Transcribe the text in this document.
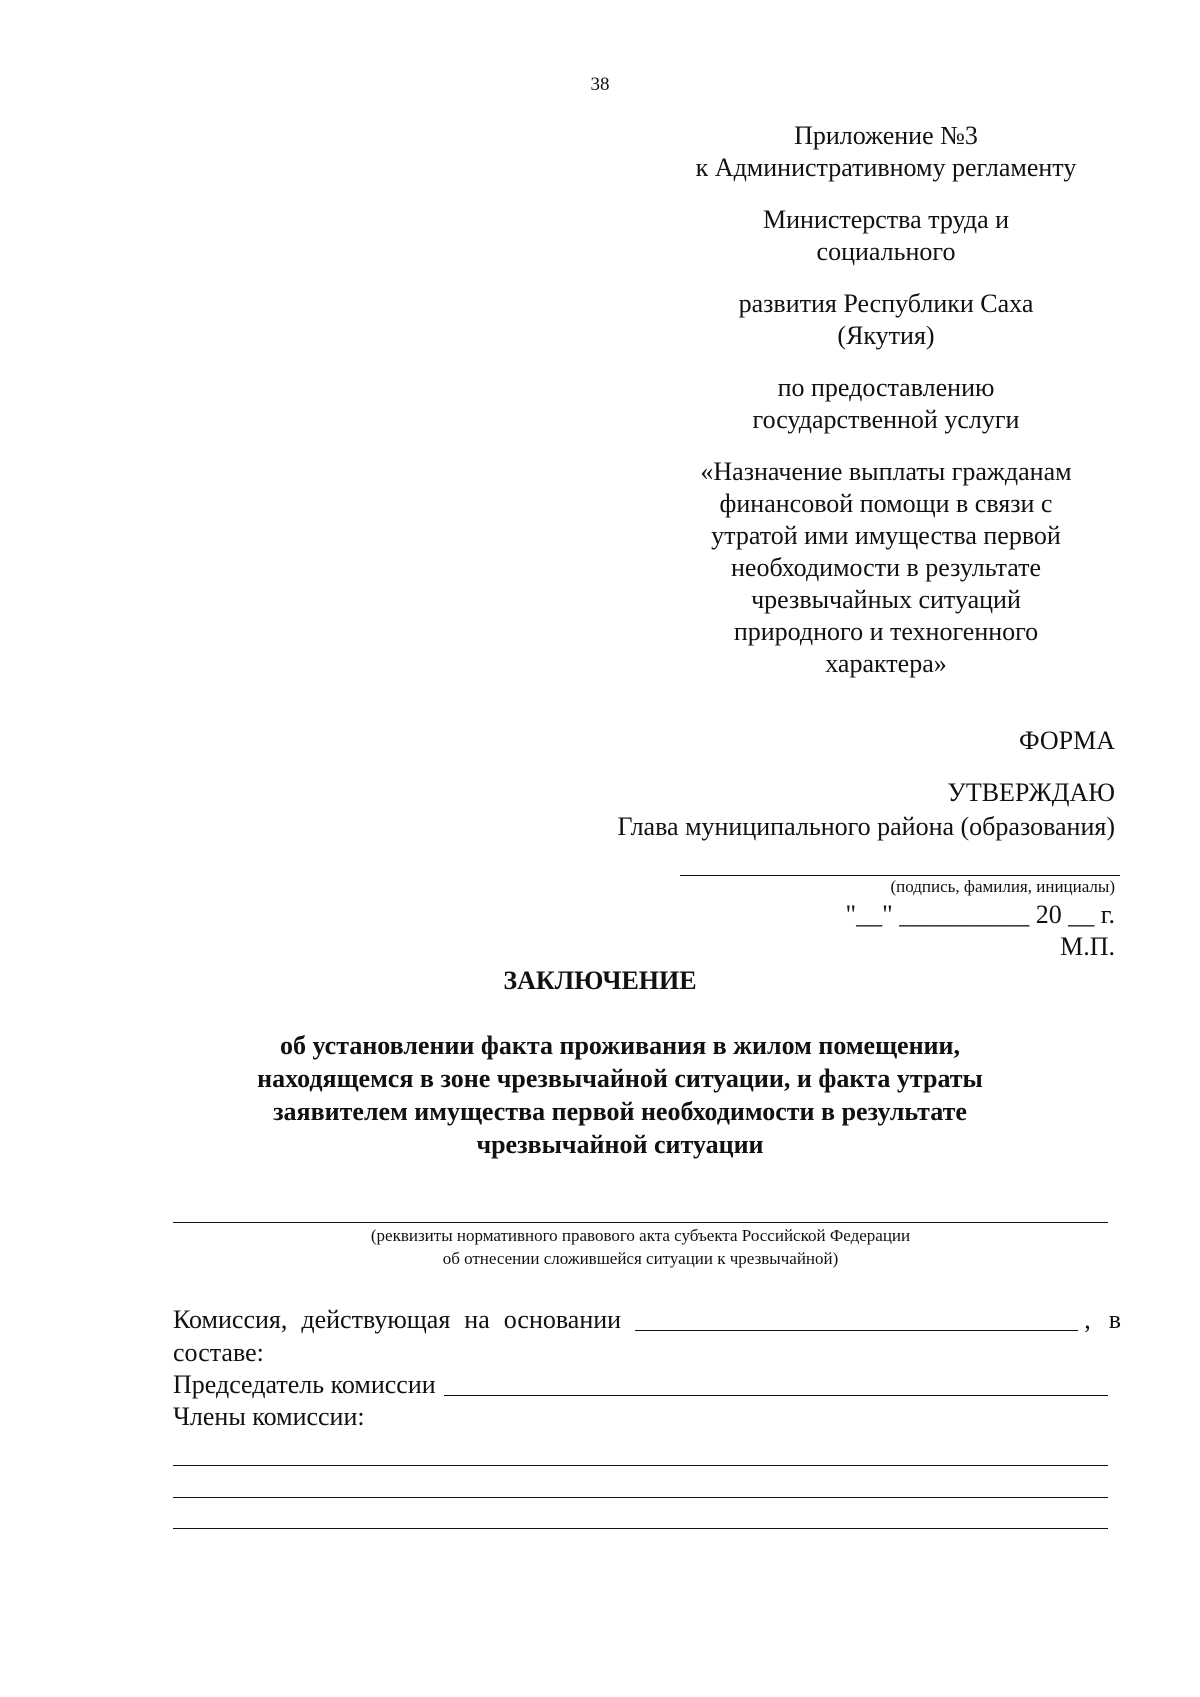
38

Приложение №3

к Административному регламенту

Министерства труда и

социального

развития Республики Саха

(Якутия)

по предоставлению

государственной услуги

«Назначение выплаты гражданам

финансовой помощи в связи с

утратой ими имущества первой

необходимости в результате

чрезвычайных ситуаций

природного и техногенного

характера»

ФОРМА
УТВЕРЖДАЮ
Глава муниципального района (образования)
(подпись, фамилия, инициалы)
"__" __________ 20 __ г.
М.П.
ЗАКЛЮЧЕНИЕ
об установлении факта проживания в жилом помещении,
находящемся в зоне чрезвычайной ситуации, и факта утраты
заявителем имущества первой необходимости в результате
чрезвычайной ситуации
(реквизиты нормативного правового акта субъекта Российской Федерации
об отнесении сложившейся ситуации к чрезвычайной)
Комиссия, действующая на основании	, в
составе:
Председатель комиссии
Члены комиссии:
